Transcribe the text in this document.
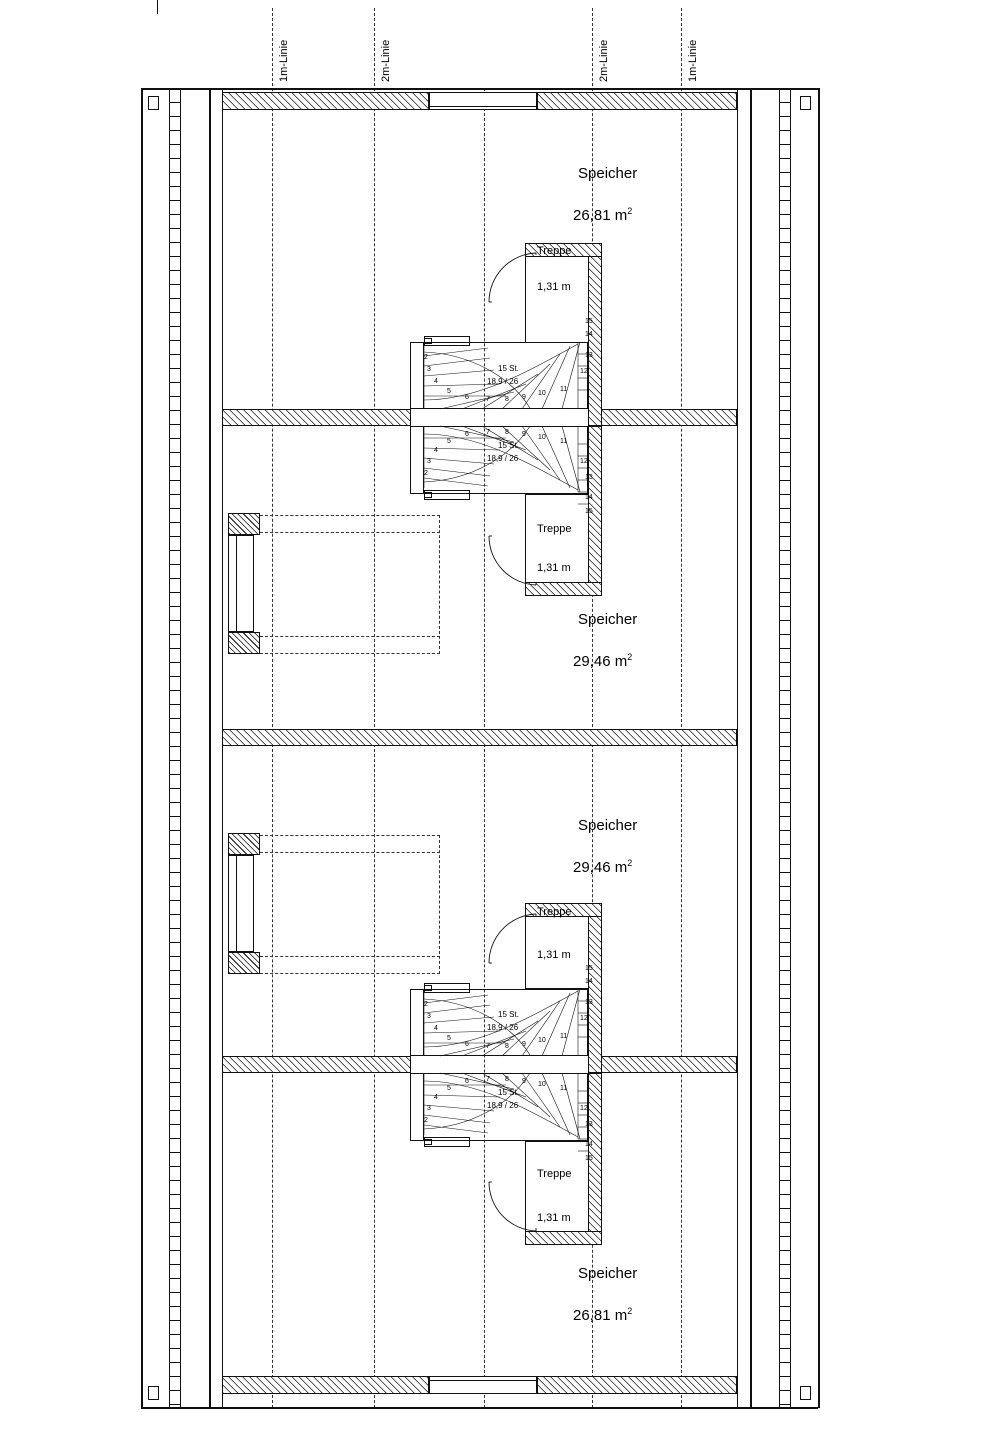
1m-Linie	2m-Linie	2m-Linie	1m-Linie
Speicher
26,81 $m^2$
Speicher
29,46 $m^2$
Speicher
29,46 $m^2$
Speicher
26,81 $m^2$
2
3
4
5
6 7 8 9
10
11
12
13
14
15
15 St.
18,9 / 26
Treppe
1,31 m
2
3
4
5
6 7 8 9 10
11
12
13
14
15
15 St.
18,9 / 26
Treppe
1,31 m
2
3
4
5
6 7 8 9
10
11
12
13
14
15
15 St.
18,9 / 26
Treppe
1,31 m
2
3
4
5
6 7 8 9 10
11
12
13
14
15
15 St.
18,9 / 26
Treppe
1,31 m
